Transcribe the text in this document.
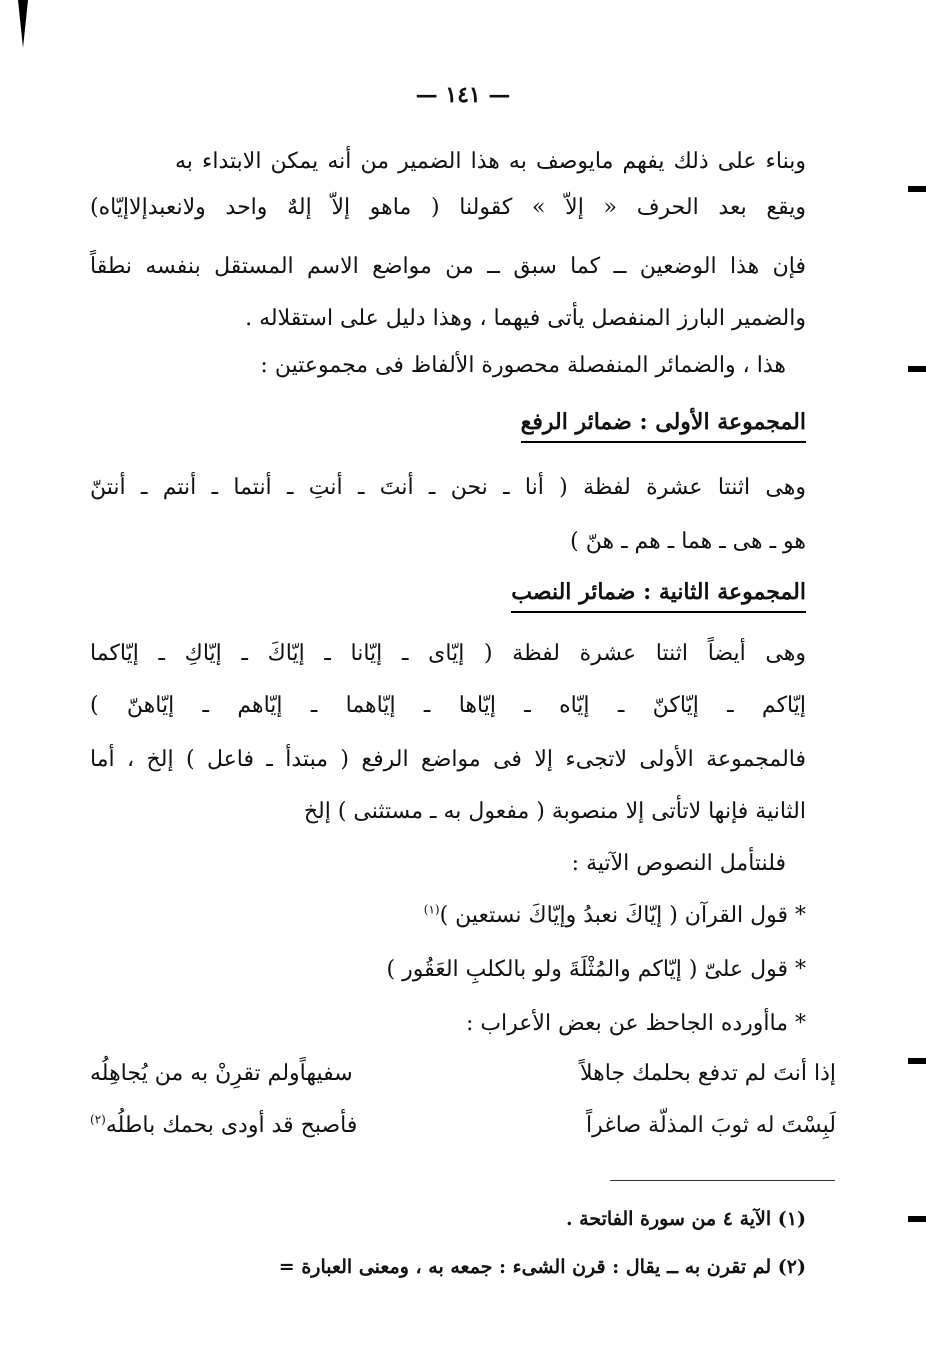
— ١٤١ —
وبناء على ذلك يفهم مايوصف به هذا الضمير من أنه يمكن الابتداء به
ويقع بعد الحرف « إلاّ » كقولنا ( ماهو إلاّ إلهٌ واحد ولانعبدإلاإيّاه)
فإن هذا الوضعين ــ كما سبق ــ من مواضع الاسم المستقل بنفسه نطقاً
والضمير البارز المنفصل يأتى فيهما ، وهذا دليل على استقلاله .
هذا ، والضمائر المنفصلة محصورة الألفاظ فى مجموعتين :
المجموعة الأولى : ضمائر الرفع
وهى اثنتا عشرة لفظة ( أنا ـ نحن ـ أنتَ ـ أنتِ ـ أنتما ـ أنتم ـ أنتنّ
هو ـ هى ـ هما ـ هم ـ هنّ )
المجموعة الثانية : ضمائر النصب
وهى أيضاً اثنتا عشرة لفظة ( إيّاى ـ إيّانا ـ إيّاكَ ـ إيّاكِ ـ إيّاكما
إيّاكم ـ إيّاكنّ ـ إيّاه ـ إيّاها ـ إيّاهما ـ إيّاهم ـ إيّاهنّ )
فالمجموعة الأولى لاتجىء إلا فى مواضع الرفع ( مبتدأ ـ فاعل ) إلخ ، أما
الثانية فإنها لاتأتى إلا منصوبة ( مفعول به ـ مستثنى ) إلخ
فلنتأمل النصوص الآتية :
* قول القرآن ( إيّاكَ نعبدُ وإيّاكَ نستعين )$^{(١)}$
* قول علىّ ( إيّاكم والمُثْلَةَ ولو بالكلبِ العَقُور )
* ماأورده الجاحظ عن بعض الأعراب :
إذا أنتَ لم تدفع بحلمك جاهلاً
سفيهاًولم تقرِنْ به من يُجاهِلُه
لَبِسْتَ له ثوبَ المذلّة صاغراً
فأصبح قد أودى بحمك باطلُه$^{(٢)}$
(١) الآية ٤ من سورة الفاتحة .
(٢) لم تقرن به ــ يقال : قرن الشىء : جمعه به ، ومعنى العبارة =
